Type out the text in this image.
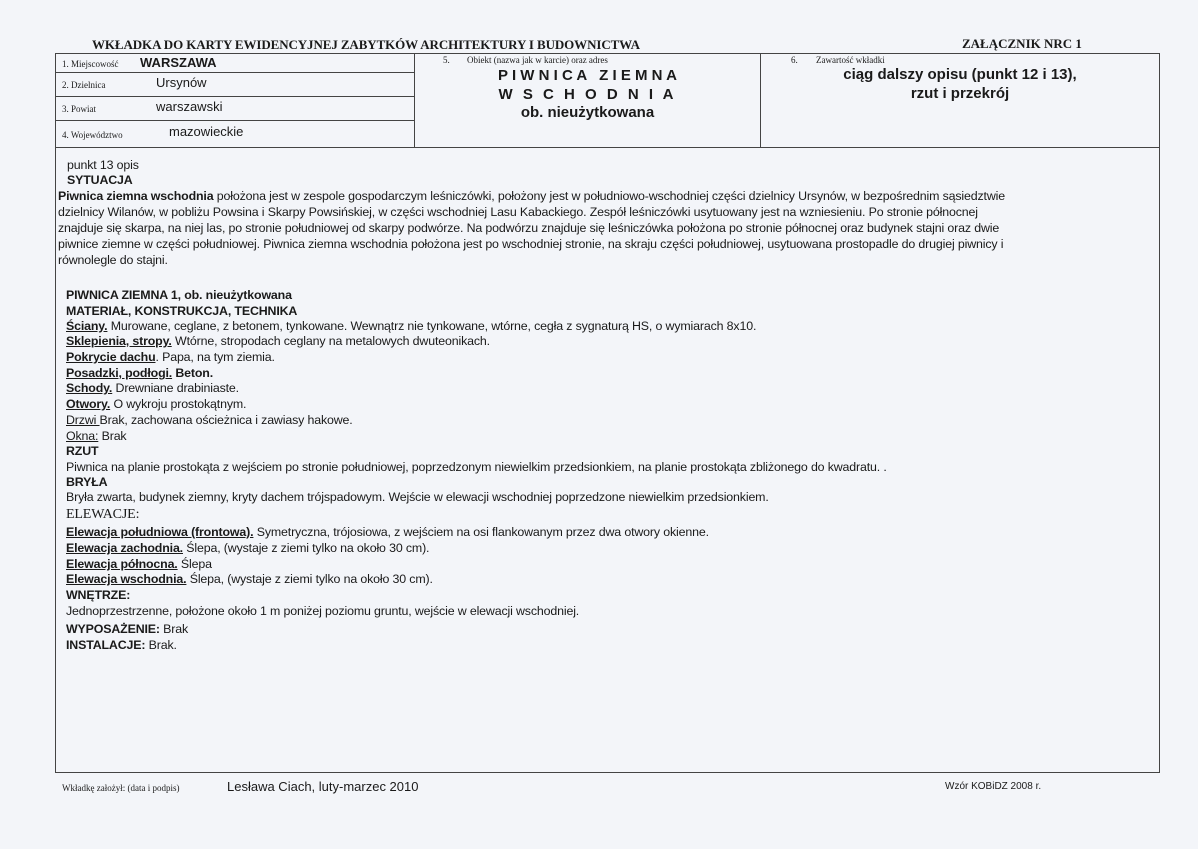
WKŁADKA DO KARTY EWIDENCYJNEJ ZABYTKÓW ARCHITEKTURY I BUDOWNICTWA	ZAŁĄCZNIK NRC 1
1. Miejscowość WARSZAWA
2. Dzielnica	Ursynów
3. Powiat	warszawski
4. Województwo	mazowieckie
5. Obiekt (nazwa jak w karcie) oraz adres
P I W N I C A   Z I E M N A
W S C H O D N I A
ob. nieużytkowana
6. Zawartość wkładki
ciąg dalszy opisu (punkt 12 i 13),
rzut i przekrój
punkt 13 opis
SYTUACJA
Piwnica ziemna wschodnia położona jest w zespole gospodarczym leśniczówki, położony jest w południowo-wschodniej części dzielnicy Ursynów, w bezpośrednim sąsiedztwie
dzielnicy Wilanów, w pobliżu Powsina i Skarpy Powsińskiej, w części wschodniej Lasu Kabackiego. Zespół leśniczówki usytuowany jest na wzniesieniu. Po stronie północnej
znajduje się skarpa, na niej las, po stronie południowej od skarpy podwórze. Na podwórzu znajduje się leśniczówka położona po stronie północnej oraz budynek stajni oraz dwie
piwnice ziemne w części południowej. Piwnica ziemna wschodnia położona jest po wschodniej stronie, na skraju części południowej, usytuowana prostopadle do drugiej piwnicy i
równolegle do stajni.
PIWNICA ZIEMNA 1, ob. nieużytkowana
MATERIAŁ, KONSTRUKCJA, TECHNIKA
Ściany. Murowane, ceglane, z betonem, tynkowane. Wewnątrz nie tynkowane, wtórne, cegła z sygnaturą HS, o wymiarach 8x10.
Sklepienia, stropy. Wtórne, stropodach ceglany na metalowych dwuteonikach.
Pokrycie dachu. Papa, na tym ziemia.
Posadzki, podłogi. Beton.
Schody. Drewniane drabiniaste.
Otwory. O wykroju prostokątnym.
Drzwi Brak, zachowana ościeżnica i zawiasy hakowe.
Okna: Brak
RZUT
Piwnica na planie prostokąta z wejściem po stronie południowej, poprzedzonym niewielkim przedsionkiem, na planie prostokąta zbliżonego do kwadratu. .
BRYŁA
Bryła zwarta, budynek ziemny, kryty dachem trójspadowym. Wejście w elewacji wschodniej poprzedzone niewielkim przedsionkiem.
ELEWACJE:
Elewacja południowa (frontowa). Symetryczna, trójosiowa, z wejściem na osi flankowanym przez dwa otwory okienne.
Elewacja zachodnia. Ślepa, (wystaje z ziemi tylko na około 30 cm).
Elewacja północna. Ślepa
Elewacja wschodnia. Ślepa, (wystaje z ziemi tylko na około 30 cm).
WNĘTRZE:
Jednoprzestrzenne, położone około 1 m poniżej poziomu gruntu, wejście w elewacji wschodniej.
WYPOSAŻENIE: Brak
INSTALACJE: Brak.
Wkładkę założył: (data i podpis)	Lesława Ciach, luty-marzec 2010	Wzór KOBiDZ 2008 r.
